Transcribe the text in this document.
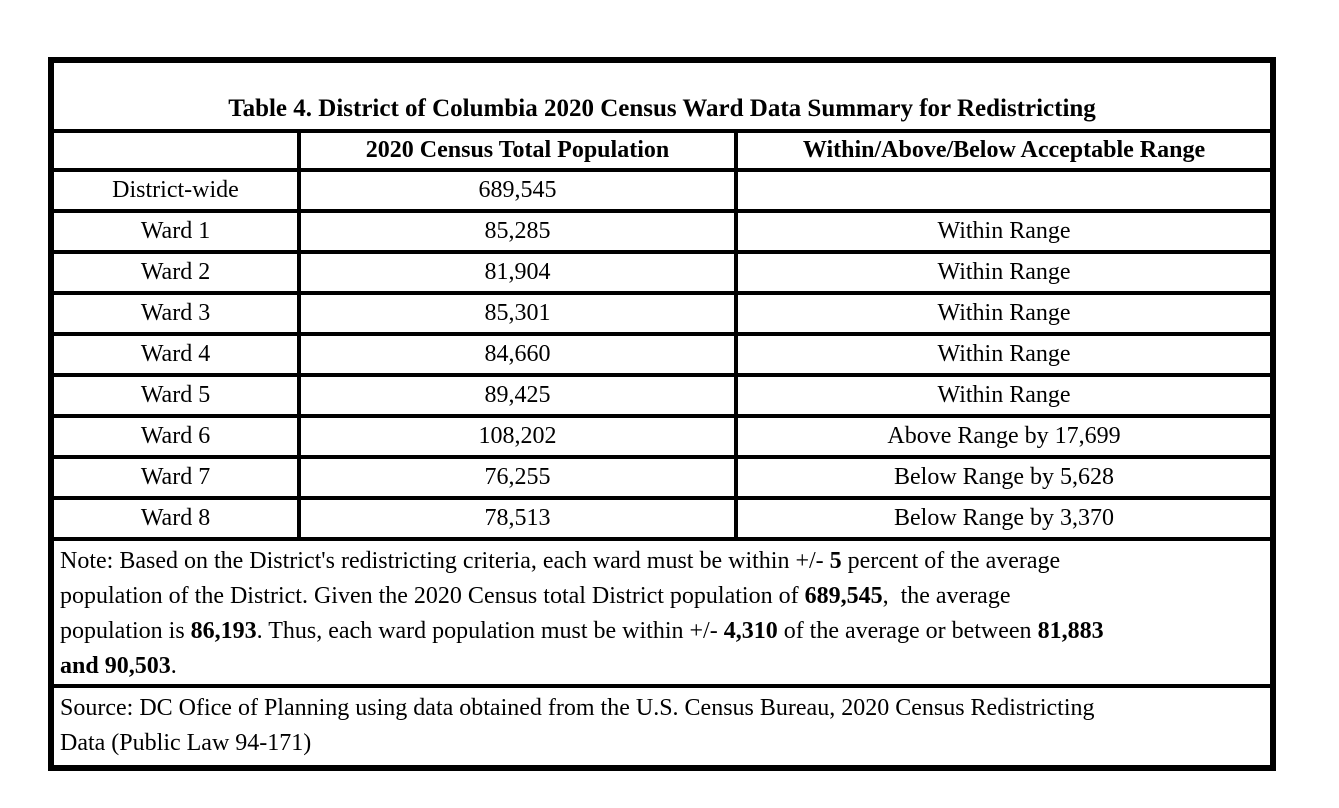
Table 4. District of Columbia 2020 Census Ward Data Summary for Redistricting		
	2020 Census Total Population	Within/Above/Below Acceptable Range
District-wide	689,545	
Ward 1	85,285	Within Range
Ward 2	81,904	Within Range
Ward 3	85,301	Within Range
Ward 4	84,660	Within Range
Ward 5	89,425	Within Range
Ward 6	108,202	Above Range by 17,699
Ward 7	76,255	Below Range by 5,628
Ward 8	78,513	Below Range by 3,370

Note: Based on the District's redistricting criteria, each ward must be within +/- 5 percent of the average
population of the District. Given the 2020 Census total District population of 689,545,  the average
population is 86,193. Thus, each ward population must be within +/- 4,310 of the average or between 81,883
and 90,503.		

Source: DC Ofice of Planning using data obtained from the U.S. Census Bureau, 2020 Census Redistricting
Data (Public Law 94-171)		
